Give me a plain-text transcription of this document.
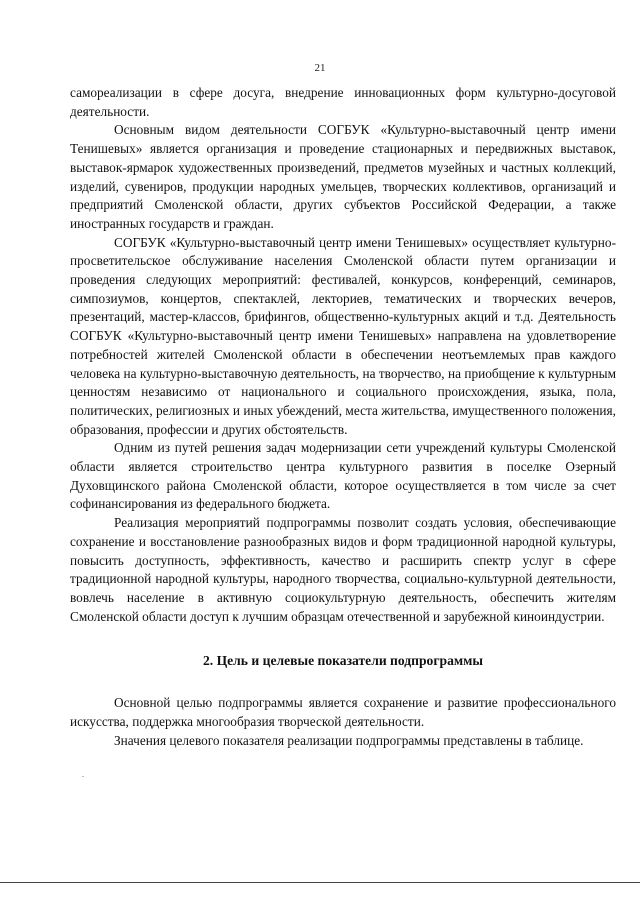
21

самореализации в сфере досуга, внедрение инновационных форм культурно-досуговой деятельности.

Основным видом деятельности СОГБУК «Культурно-выставочный центр имени Тенишевых» является организация и проведение стационарных и передвижных выставок, выставок-ярмарок художественных произведений, предметов музейных и частных коллекций, изделий, сувениров, продукции народных умельцев, творческих коллективов, организаций и предприятий Смоленской области, других субъектов Российской Федерации, а также иностранных государств и граждан.

СОГБУК «Культурно-выставочный центр имени Тенишевых» осуществляет культурно-просветительское обслуживание населения Смоленской области путем организации и проведения следующих мероприятий: фестивалей, конкурсов, конференций, семинаров, симпозиумов, концертов, спектаклей, лекториев, тематических и творческих вечеров, презентаций, мастер-классов, брифингов, общественно-культурных акций и т.д. Деятельность СОГБУК «Культурно-выставочный центр имени Тенишевых» направлена на удовлетворение потребностей жителей Смоленской области в обеспечении неотъемлемых прав каждого человека на культурно-выставочную деятельность, на творчество, на приобщение к культурным ценностям независимо от национального и социального происхождения, языка, пола, политических, религиозных и иных убеждений, места жительства, имущественного положения, образования, профессии и других обстоятельств.

Одним из путей решения задач модернизации сети учреждений культуры Смоленской области является строительство центра культурного развития в поселке Озерный Духовщинского района Смоленской области, которое осуществляется в том числе за счет софинансирования из федерального бюджета.

Реализация мероприятий подпрограммы позволит создать условия, обеспечивающие сохранение и восстановление разнообразных видов и форм традиционной народной культуры, повысить доступность, эффективность, качество и расширить спектр услуг в сфере традиционной народной культуры, народного творчества, социально-культурной деятельности, вовлечь население в активную социокультурную деятельность, обеспечить жителям Смоленской области доступ к лучшим образцам отечественной и зарубежной киноиндустрии.

2. Цель и целевые показатели подпрограммы

Основной целью подпрограммы является сохранение и развитие профессионального искусства, поддержка многообразия творческой деятельности.

Значения целевого показателя реализации подпрограммы представлены в таблице.
